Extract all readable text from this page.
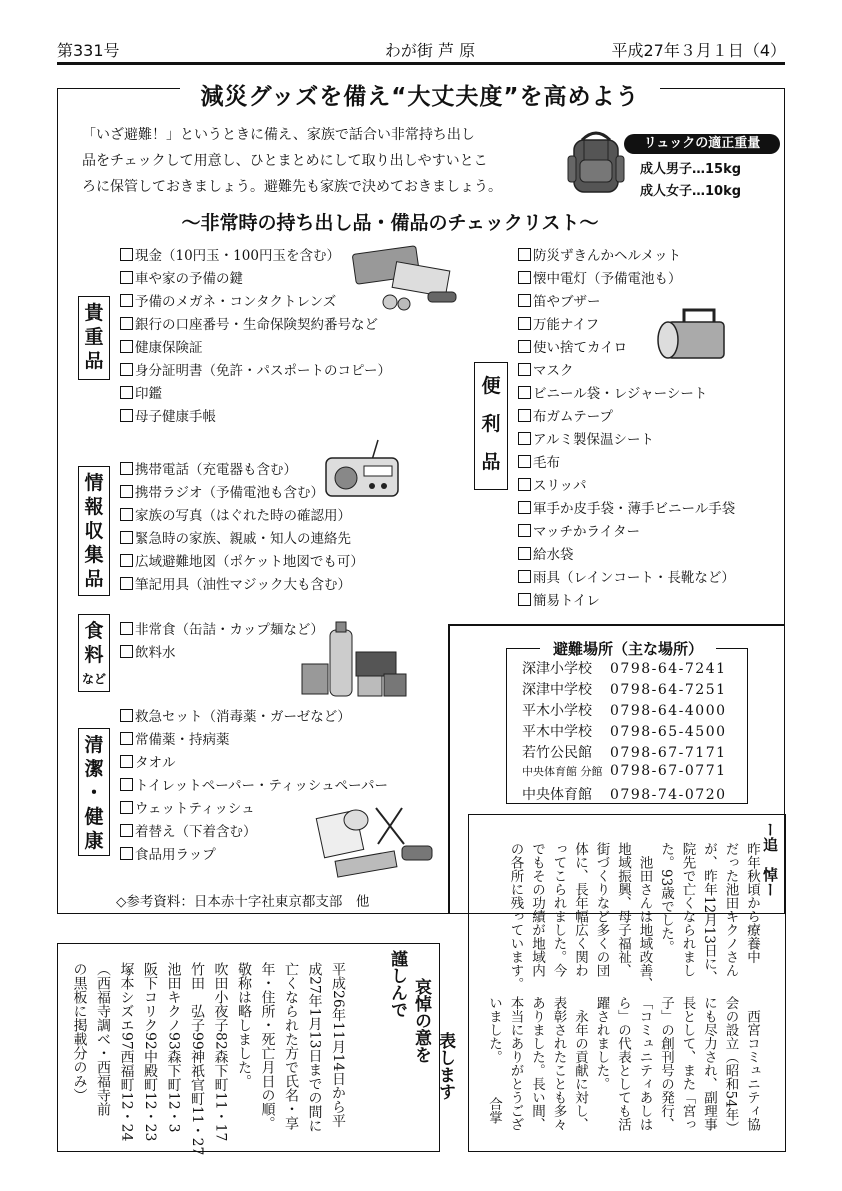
第331号	わが街 芦 原	平成27年３月１日（4）
減災グッズを備え“大丈夫度”を高めよう
「いざ避難！」というときに備え、家族で話合い非常持ち出し
品をチェックして用意し、ひとまとめにして取り出しやすいとこ
ろに保管しておきましょう。避難先も家族で決めておきましょう。
リュックの適正重量
成人男子…15kg
成人女子…10kg
〜非常時の持ち出し品・備品のチェックリスト〜
貴
重
品
情
報
収
集
品
食
料
など
清
潔
・
健
康
便
利
品
現金（10円玉・100円玉を含む）
車や家の予備の鍵
予備のメガネ・コンタクトレンズ
銀行の口座番号・生命保険契約番号など
健康保険証
身分証明書（免許・パスポートのコピー）
印鑑
母子健康手帳
携帯電話（充電器も含む）
携帯ラジオ（予備電池も含む）
家族の写真（はぐれた時の確認用）
緊急時の家族、親戚・知人の連絡先
広域避難地図（ポケット地図でも可）
筆記用具（油性マジック大も含む）
非常食（缶詰・カップ麺など）
飲料水
救急セット（消毒薬・ガーゼなど）
常備薬・持病薬
タオル
トイレットペーパー・ティッシュペーパー
ウェットティッシュ
着替え（下着含む）
食品用ラップ
防災ずきんかヘルメット
懐中電灯（予備電池も）
笛やブザー
万能ナイフ
使い捨てカイロ
マスク
ビニール袋・レジャーシート
布ガムテープ
アルミ製保温シート
毛布
スリッパ
軍手か皮手袋・薄手ビニール手袋
マッチかライター
給水袋
雨具（レインコート・長靴など）
簡易トイレ
◇参考資料：日本赤十字社東京都支部　他
避難場所（主な場所）
深津小学校 0798-64-7241
深津中学校 0798-64-7251
平木小学校 0798-64-4000
平木中学校 0798-65-4500
若竹公民館 0798-67-7171
中央体育館 分館 0798-67-0771
中央体育館 0798-74-0720
ー追　悼ー
昨年秋頃から療養中
だった池田キクノさん
が、昨年12月13日に、
院先で亡くなられまし
た。93歳でした。
　池田さんは地域改善、
地域振興、母子福祉、
街づくりなど多くの団
体に、長年幅広く関わ
ってこられました。今
でもその功績が地域内
の各所に残っています。
　西宮コミュニティ協
会の設立（昭和54年）
にも尽力され、副理事
長として、また「宮っ
子」の創刊号の発行、
「コミュニティあしは
ら」の代表としても活
躍されました。
　永年の貢献に対し、
表彰されたことも多々
ありました。長い間、
本当にありがとうござ
いました。　　　合掌
謹しんで 哀悼の意を
表します
平成26年11月14日から平
成27年1月13日までの間に
亡くなられた方で氏名・享
年・住所・死亡月日の順。
敬称は略しました。
吹田小夜子82森下町11・17
竹田　弘子99神祇官町11・27
池田キクノ93森下町12・3
阪下コリク92中殿町12・23
塚本シズエ97西福町12・24
（西福寺調べ・西福寺前
の黒板に掲載分のみ）
